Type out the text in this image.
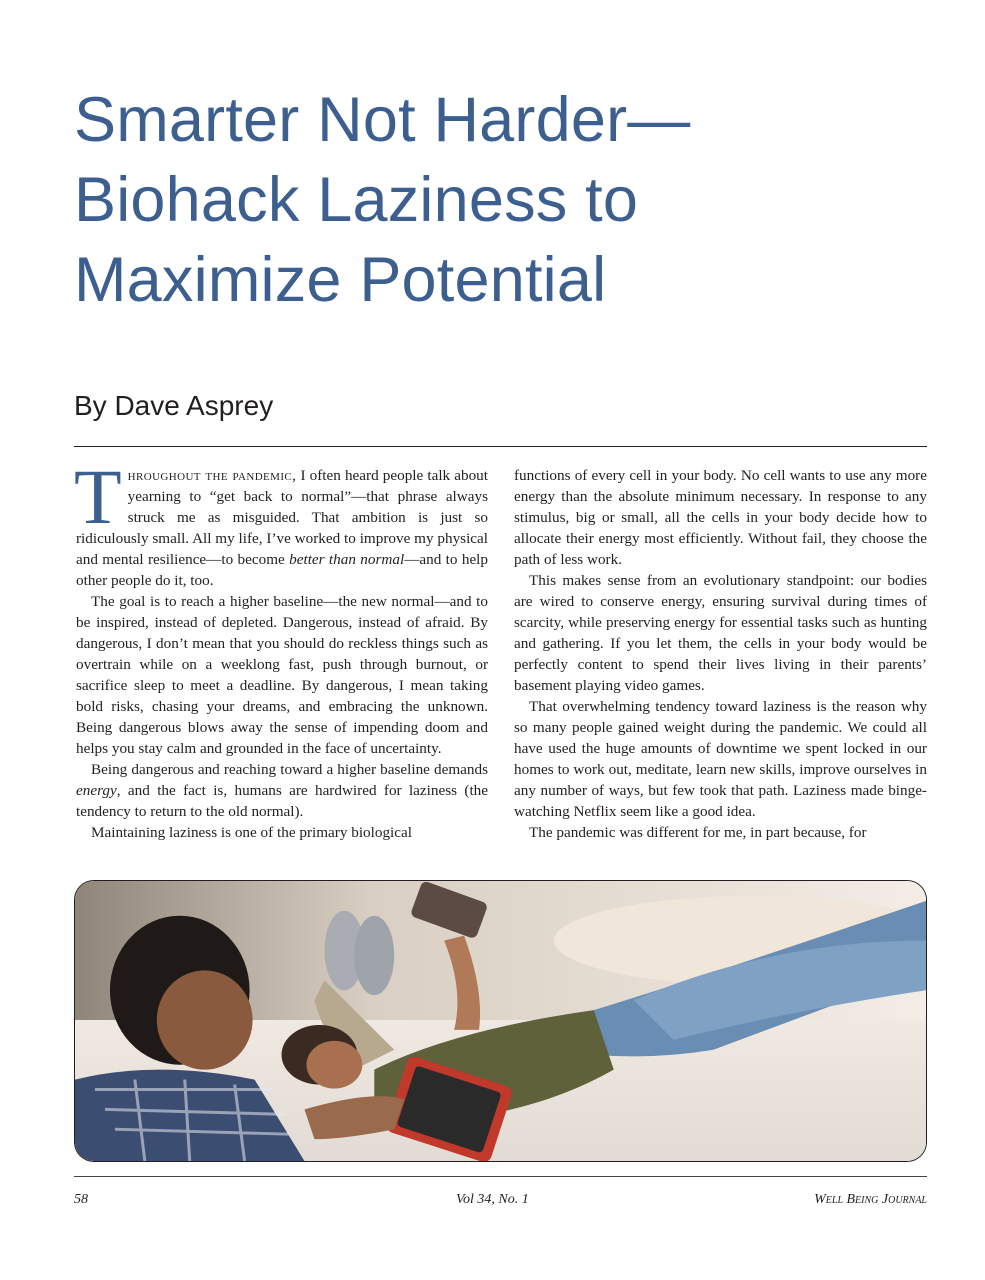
Smarter Not Harder—
Biohack Laziness to
Maximize Potential

By Dave Asprey

Throughout the pandemic, I often heard people talk about yearning to “get back to normal”—that phrase always struck me as misguided. That ambition is just so ridiculously small. All my life, I’ve worked to improve my physical and mental resilience—to become better than normal—and to help other people do it, too.

The goal is to reach a higher baseline—the new normal—and to be inspired, instead of depleted. Dangerous, instead of afraid. By dangerous, I don’t mean that you should do reckless things such as overtrain while on a weeklong fast, push through burnout, or sacrifice sleep to meet a deadline. By dangerous, I mean taking bold risks, chasing your dreams, and embracing the unknown. Being dangerous blows away the sense of impending doom and helps you stay calm and grounded in the face of uncertainty.

Being dangerous and reaching toward a higher baseline demands energy, and the fact is, humans are hardwired for laziness (the tendency to return to the old normal).

Maintaining laziness is one of the primary biological

functions of every cell in your body. No cell wants to use any more energy than the absolute minimum necessary. In response to any stimulus, big or small, all the cells in your body decide how to allocate their energy most efficiently. Without fail, they choose the path of less work.

This makes sense from an evolutionary standpoint: our bodies are wired to conserve energy, ensuring survival during times of scarcity, while preserving energy for essential tasks such as hunting and gathering. If you let them, the cells in your body would be perfectly content to spend their lives living in their parents’ basement playing video games.

That overwhelming tendency toward laziness is the reason why so many people gained weight during the pandemic. We could all have used the huge amounts of downtime we spent locked in our homes to work out, meditate, learn new skills, improve ourselves in any number of ways, but few took that path. Laziness made binge-watching Netflix seem like a good idea.

The pandemic was different for me, in part because, for

58	Vol 34, No. 1	Well Being Journal
